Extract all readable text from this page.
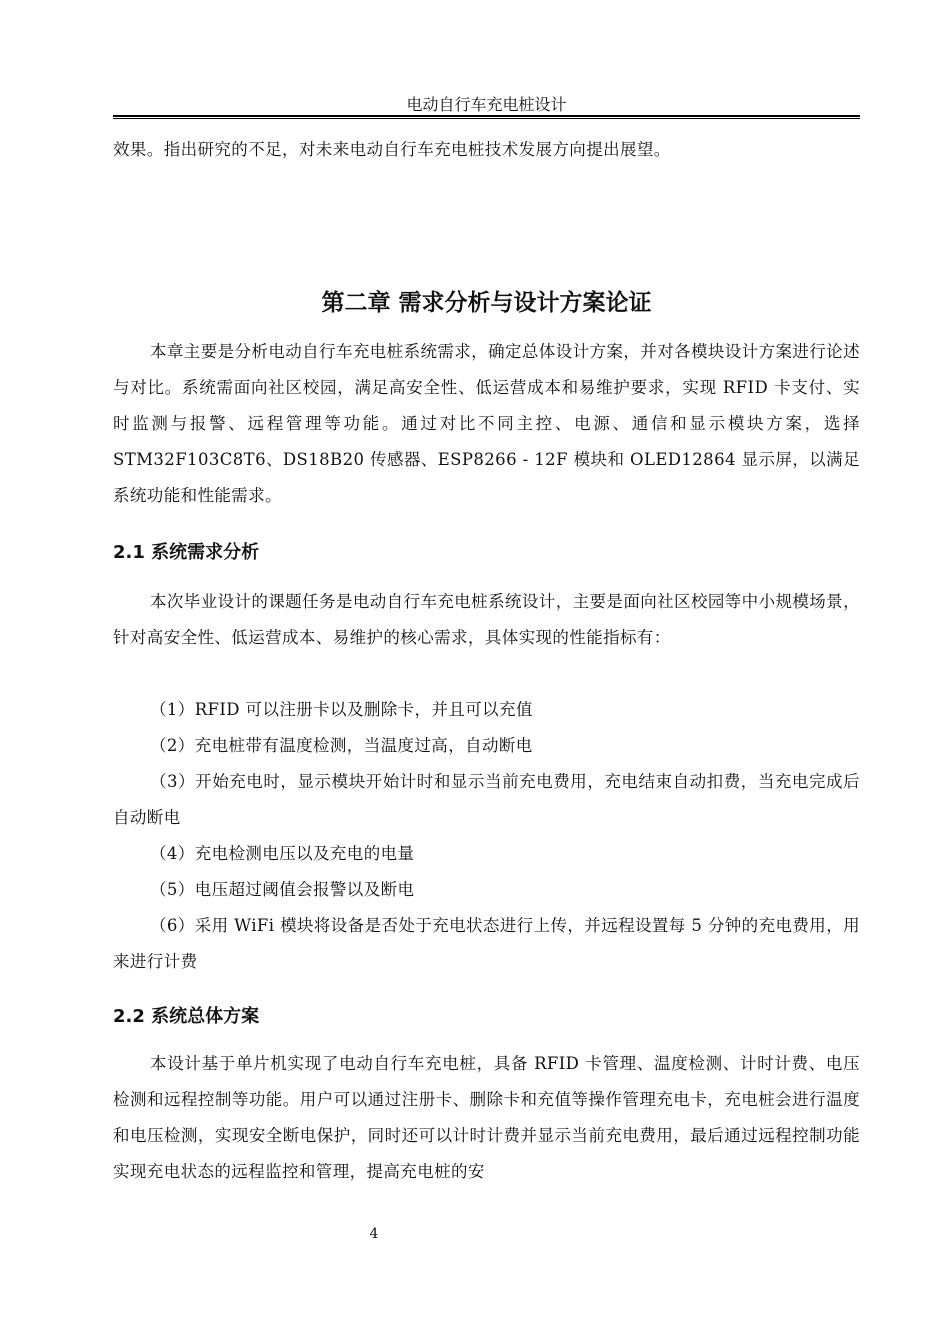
电动自行车充电桩设计
效果。指出研究的不足，对未来电动自行车充电桩技术发展方向提出展望。
第二章 需求分析与设计方案论证
本章主要是分析电动自行车充电桩系统需求，确定总体设计方案，并对各模块设计方案进行论述与对比。系统需面向社区校园，满足高安全性、低运营成本和易维护要求，实现 RFID 卡支付、实时监测与报警、远程管理等功能。通过对比不同主控、电源、通信和显示模块方案，选择 STM32F103C8T6、DS18B20 传感器、ESP8266 - 12F 模块和 OLED12864 显示屏，以满足系统功能和性能需求。
2.1 系统需求分析
本次毕业设计的课题任务是电动自行车充电桩系统设计，主要是面向社区校园等中小规模场景，针对高安全性、低运营成本、易维护的核心需求，具体实现的性能指标有：
（1）RFID 可以注册卡以及删除卡，并且可以充值
（2）充电桩带有温度检测，当温度过高，自动断电
（3）开始充电时，显示模块开始计时和显示当前充电费用，充电结束自动扣费，当充电完成后自动断电
（4）充电检测电压以及充电的电量
（5）电压超过阈值会报警以及断电
（6）采用 WiFi 模块将设备是否处于充电状态进行上传，并远程设置每 5 分钟的充电费用，用来进行计费
2.2 系统总体方案
本设计基于单片机实现了电动自行车充电桩，具备 RFID 卡管理、温度检测、计时计费、电压检测和远程控制等功能。用户可以通过注册卡、删除卡和充值等操作管理充电卡，充电桩会进行温度和电压检测，实现安全断电保护，同时还可以计时计费并显示当前充电费用，最后通过远程控制功能实现充电状态的远程监控和管理，提高充电桩的安
4
